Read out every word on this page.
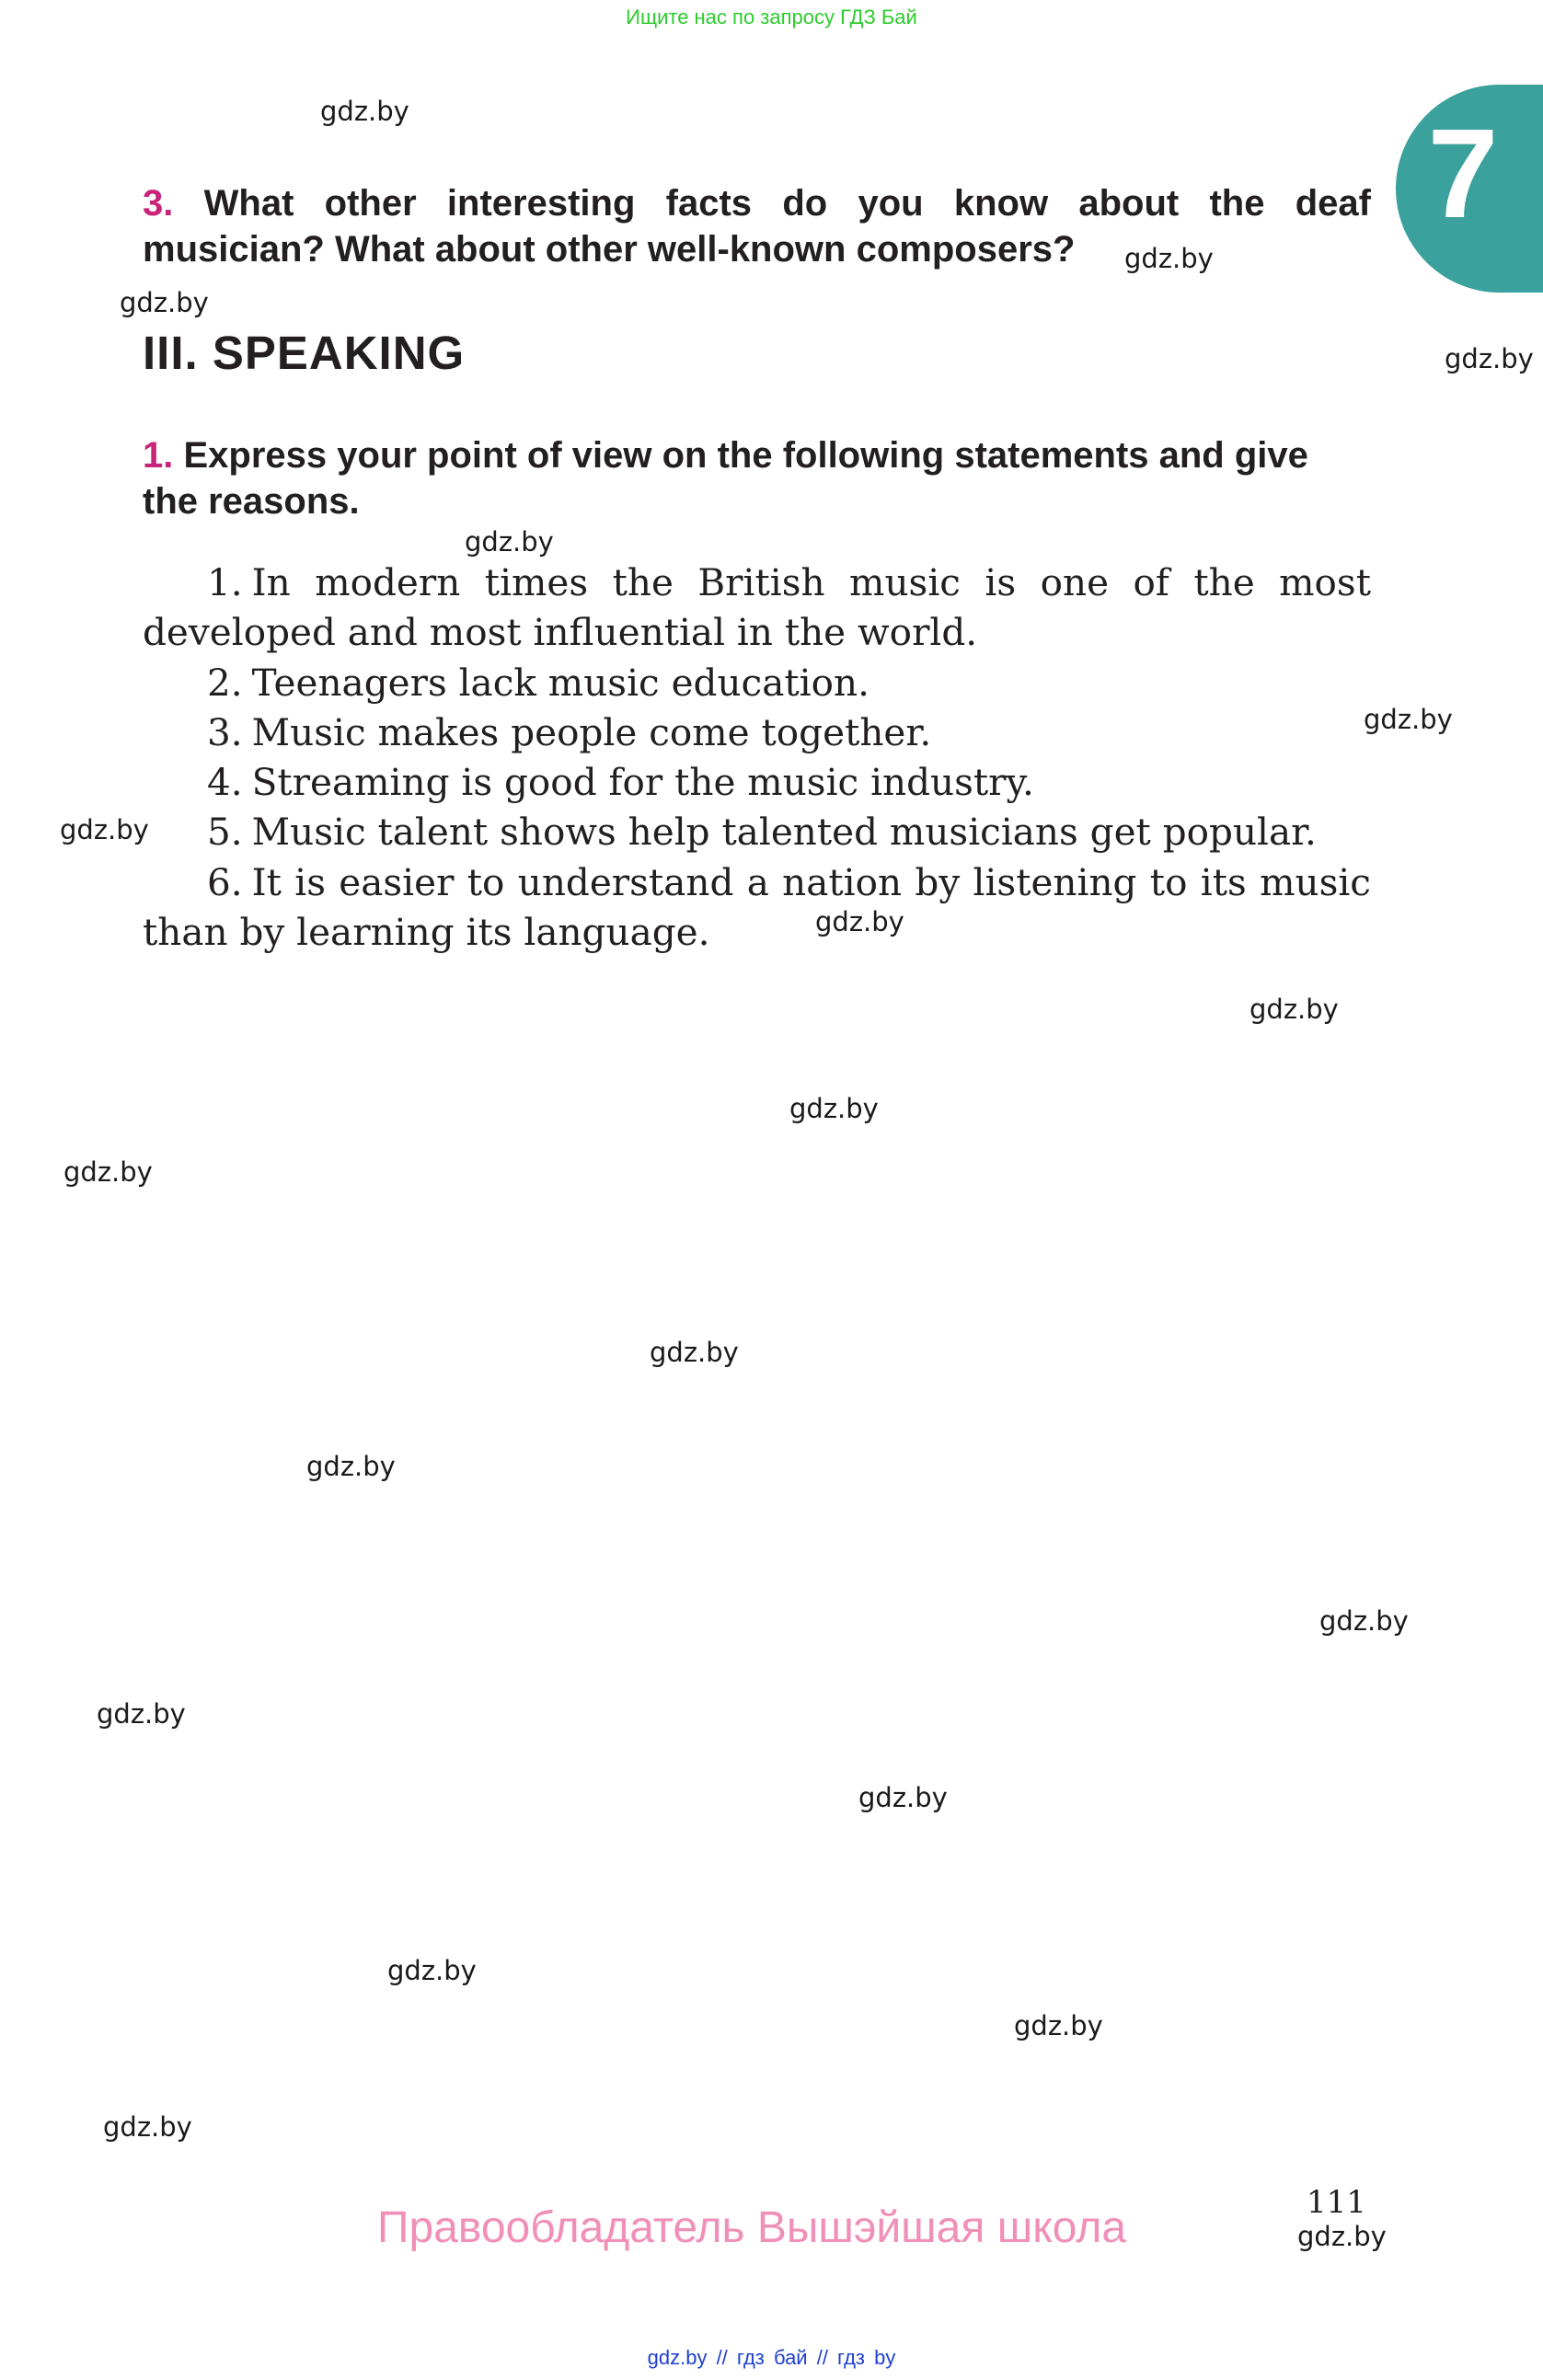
Ищите нас по запросу ГДЗ Бай
7
3. What other interesting facts do you know about the deaf
musician? What about other well-known composers?
III. SPEAKING
1. Express your point of view on the following statements and give the reasons.
1. In modern times the British music is one of the most developed and most influential in the world.
2. Teenagers lack music education.
3. Music makes people come together.
4. Streaming is good for the music industry.
5. Music talent shows help talented musicians get popular.
6. It is easier to understand a nation by listening to its music than by learning its language.
gdz.by
gdz.by
gdz.by
gdz.by
gdz.by
gdz.by
gdz.by
gdz.by
gdz.by
gdz.by
gdz.by
gdz.by
gdz.by
gdz.by
gdz.by
gdz.by
gdz.by
gdz.by
gdz.by
gdz.by
111
Правообладатель Вышэйшая школа
gdz.by // гдз бай // гдз by
